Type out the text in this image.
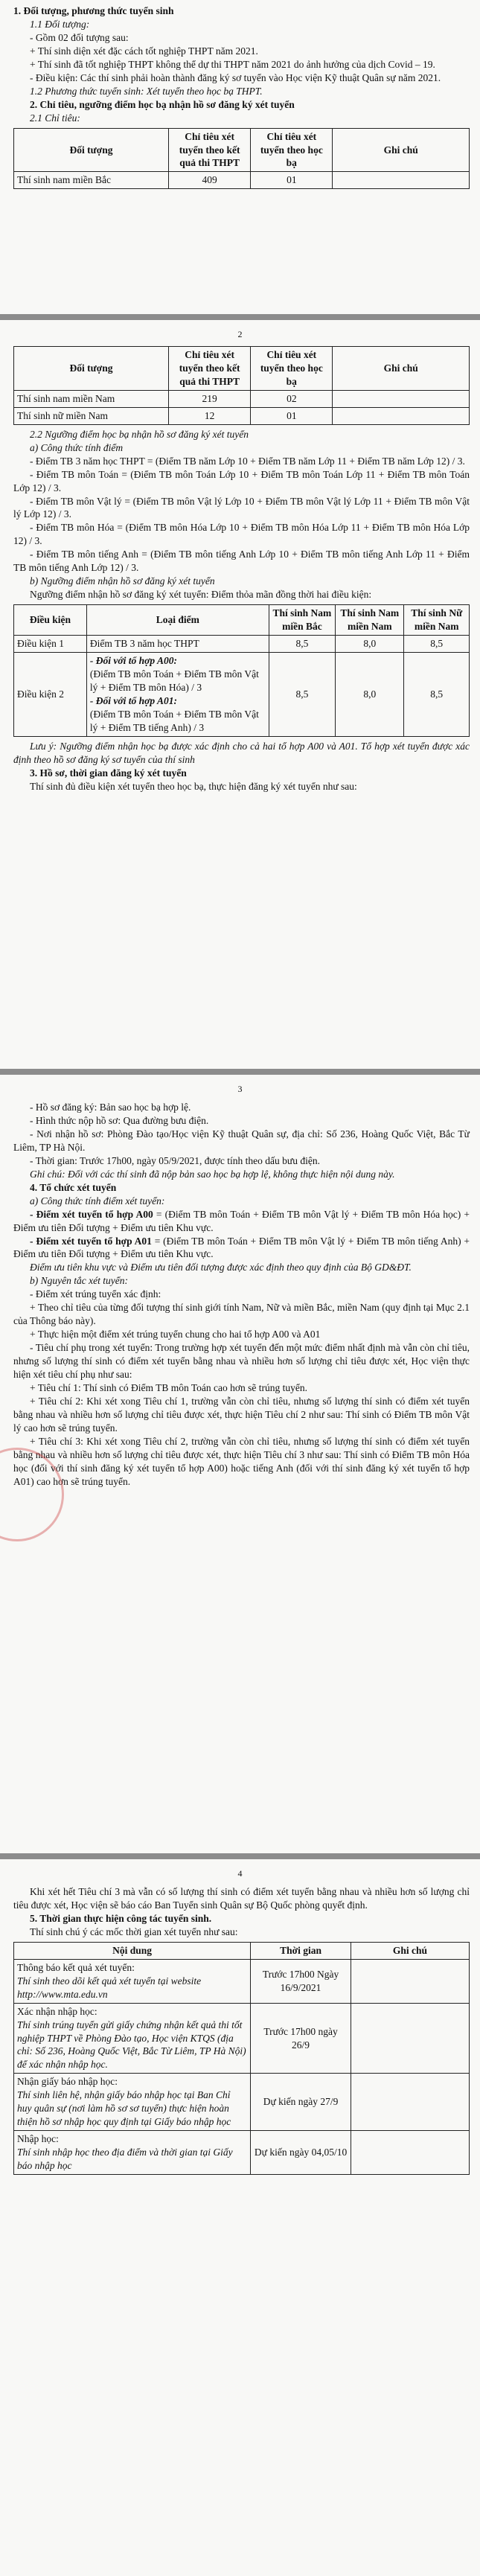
1. Đối tượng, phương thức tuyển sinh

1.1 Đối tượng:

- Gồm 02 đối tượng sau:

+ Thí sinh diện xét đặc cách tốt nghiệp THPT năm 2021.

+ Thí sinh đã tốt nghiệp THPT không thể dự thi THPT năm 2021 do ảnh hưởng của dịch Covid – 19.

- Điều kiện: Các thí sinh phải hoàn thành đăng ký sơ tuyển vào Học viện Kỹ thuật Quân sự năm 2021.

1.2 Phương thức tuyển sinh: Xét tuyển theo học bạ THPT.

2. Chỉ tiêu, ngưỡng điểm học bạ nhận hồ sơ đăng ký xét tuyển

2.1 Chỉ tiêu:

Đối tượng	Chỉ tiêu xét tuyển theo kết quả thi THPT	Chỉ tiêu xét tuyển theo học bạ	Ghi chú
Thí sinh nam miền Bắc	409	01	
2
Đối tượng	Chỉ tiêu xét tuyển theo kết quả thi THPT	Chỉ tiêu xét tuyển theo học bạ	Ghi chú
Thí sinh nam miền Nam	219	02	
Thí sinh nữ miền Nam	12	01	

2.2 Ngưỡng điểm học bạ nhận hồ sơ đăng ký xét tuyển

a) Công thức tính điểm

- Điểm TB 3 năm học THPT = (Điểm TB năm Lớp 10 + Điểm TB năm Lớp 11 + Điểm TB năm Lớp 12) / 3.

- Điểm TB môn Toán = (Điểm TB môn Toán Lớp 10 + Điểm TB môn Toán Lớp 11 + Điểm TB môn Toán Lớp 12) / 3.

- Điểm TB môn Vật lý = (Điểm TB môn Vật lý Lớp 10 + Điểm TB môn Vật lý Lớp 11 + Điểm TB môn Vật lý Lớp 12) / 3.

- Điểm TB môn Hóa = (Điểm TB môn Hóa Lớp 10 + Điểm TB môn Hóa Lớp 11 + Điểm TB môn Hóa Lớp 12) / 3.

- Điểm TB môn tiếng Anh = (Điểm TB môn tiếng Anh Lớp 10 + Điểm TB môn tiếng Anh Lớp 11 + Điểm TB môn tiếng Anh Lớp 12) / 3.

b) Ngưỡng điểm nhận hồ sơ đăng ký xét tuyển

Ngưỡng điểm nhận hồ sơ đăng ký xét tuyển: Điểm thỏa mãn đồng thời hai điều kiện:

Điều kiện	Loại điểm	Thí sinh Nam miền Bắc	Thí sinh Nam miền Nam	Thí sinh Nữ miền Nam
Điều kiện 1	Điểm TB 3 năm học THPT	8,5	8,0	8,5
Điều kiện 2	- Đối với tổ hợp A00:
(Điểm TB môn Toán + Điểm TB môn Vật lý + Điểm TB môn Hóa) / 3
- Đối với tổ hợp A01:
(Điểm TB môn Toán + Điểm TB môn Vật lý + Điểm TB tiếng Anh) / 3	8,5	8,0	8,5

Lưu ý: Ngưỡng điểm nhận học bạ được xác định cho cả hai tổ hợp A00 và A01. Tổ hợp xét tuyển được xác định theo hồ sơ đăng ký sơ tuyển của thí sinh

3. Hồ sơ, thời gian đăng ký xét tuyển

Thí sinh đủ điều kiện xét tuyển theo học bạ, thực hiện đăng ký xét tuyển như sau:

3

- Hồ sơ đăng ký: Bản sao học bạ hợp lệ.

- Hình thức nộp hồ sơ: Qua đường bưu điện.

- Nơi nhận hồ sơ: Phòng Đào tạo/Học viện Kỹ thuật Quân sự, địa chỉ: Số 236, Hoàng Quốc Việt, Bắc Từ Liêm, TP Hà Nội.

- Thời gian: Trước 17h00, ngày 05/9/2021, được tính theo dấu bưu điện.

Ghi chú: Đối với các thí sinh đã nộp bản sao học bạ hợp lệ, không thực hiện nội dung này.

4. Tổ chức xét tuyển

a) Công thức tính điểm xét tuyển:

- Điểm xét tuyển tổ hợp A00 = (Điểm TB môn Toán + Điểm TB môn Vật lý + Điểm TB môn Hóa học) + Điểm ưu tiên Đối tượng + Điểm ưu tiên Khu vực.

- Điểm xét tuyển tổ hợp A01 = (Điểm TB môn Toán + Điểm TB môn Vật lý + Điểm TB môn tiếng Anh) + Điểm ưu tiên Đối tượng + Điểm ưu tiên Khu vực.

Điểm ưu tiên khu vực và Điểm ưu tiên đối tượng được xác định theo quy định của Bộ GD&ĐT.

b) Nguyên tắc xét tuyển:

- Điểm xét trúng tuyển xác định:

+ Theo chỉ tiêu của từng đối tượng thí sinh giới tính Nam, Nữ và miền Bắc, miền Nam (quy định tại Mục 2.1 của Thông báo này).

+ Thực hiện một điểm xét trúng tuyển chung cho hai tổ hợp A00 và A01

- Tiêu chí phụ trong xét tuyển: Trong trường hợp xét tuyển đến một mức điểm nhất định mà vẫn còn chỉ tiêu, nhưng số lượng thí sinh có điểm xét tuyển bằng nhau và nhiều hơn số lượng chỉ tiêu được xét, Học viện thực hiện xét tiêu chí phụ như sau:

+ Tiêu chí 1: Thí sinh có Điểm TB môn Toán cao hơn sẽ trúng tuyển.

+ Tiêu chí 2: Khi xét xong Tiêu chí 1, trường vẫn còn chỉ tiêu, nhưng số lượng thí sinh có điểm xét tuyển bằng nhau và nhiều hơn số lượng chỉ tiêu được xét, thực hiện Tiêu chí 2 như sau: Thí sinh có Điểm TB môn Vật lý cao hơn sẽ trúng tuyển.

+ Tiêu chí 3: Khi xét xong Tiêu chí 2, trường vẫn còn chỉ tiêu, nhưng số lượng thí sinh có điểm xét tuyển bằng nhau và nhiều hơn số lượng chỉ tiêu được xét, thực hiện Tiêu chí 3 như sau: Thí sinh có Điểm TB môn Hóa học (đối với thí sinh đăng ký xét tuyển tổ hợp A00) hoặc tiếng Anh (đối với thí sinh đăng ký xét tuyển tổ hợp A01) cao hơn sẽ trúng tuyển.

4

Khi xét hết Tiêu chí 3 mà vẫn có số lượng thí sinh có điểm xét tuyển bằng nhau và nhiều hơn số lượng chỉ tiêu được xét, Học viện sẽ báo cáo Ban Tuyển sinh Quân sự Bộ Quốc phòng quyết định.

5. Thời gian thực hiện công tác tuyển sinh.

Thí sinh chú ý các mốc thời gian xét tuyển như sau:

Nội dung	Thời gian	Ghi chú

Thông báo kết quả xét tuyển:
Thí sinh theo dõi kết quả xét tuyển tại website http://www.mta.edu.vn	Trước 17h00 Ngày 16/9/2021	

Xác nhận nhập học:
Thí sinh trúng tuyển gửi giấy chứng nhận kết quả thi tốt nghiệp THPT về Phòng Đào tạo, Học viện KTQS (địa chỉ: Số 236, Hoàng Quốc Việt, Bắc Từ Liêm, TP Hà Nội) để xác nhận nhập học.	Trước 17h00 ngày 26/9	

Nhận giấy báo nhập học:
Thí sinh liên hệ, nhận giấy báo nhập học tại Ban Chỉ huy quân sự (nơi làm hồ sơ sơ tuyển) thực hiện hoàn thiện hồ sơ nhập học quy định tại Giấy báo nhập học	Dự kiến ngày 27/9	

Nhập học:
Thí sinh nhập học theo địa điểm và thời gian tại Giấy báo nhập học	Dự kiến ngày 04,05/10	
